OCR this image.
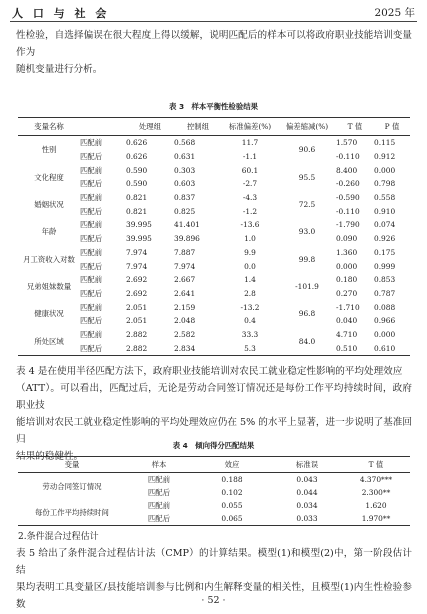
人 口 与 社 会	2025 年

性检验，自选择偏误在很大程度上得以缓解，说明匹配后的样本可以将政府职业技能培训变量作为
随机变量进行分析。

表 3　样本平衡性检验结果
变量名称		处理组	控制组	标准偏差(%)	偏差缩减(%)	T 值	P 值
性别	匹配前	0.626	0.568	11.7	90.6	1.570	0.115
	匹配后	0.626	0.631	-1.1		-0.110	0.912
文化程度	匹配前	0.590	0.303	60.1	95.5	8.400	0.000
	匹配后	0.590	0.603	-2.7		-0.260	0.798
婚姻状况	匹配前	0.821	0.837	-4.3	72.5	-0.590	0.558
	匹配后	0.821	0.825	-1.2		-0.110	0.910
年龄	匹配前	39.995	41.401	-13.6	93.0	-1.790	0.074
	匹配后	39.995	39.896	1.0		0.090	0.926
月工资收入对数	匹配前	7.974	7.887	9.9	99.8	1.360	0.175
	匹配后	7.974	7.974	0.0		0.000	0.999
兄弟姐妹数量	匹配前	2.692	2.667	1.4	-101.9	0.180	0.853
	匹配后	2.692	2.641	2.8		0.270	0.787
健康状况	匹配前	2.051	2.159	-13.2	96.8	-1.710	0.088
	匹配后	2.051	2.048	0.4		0.040	0.966
所处区域	匹配前	2.882	2.582	33.3	84.0	4.710	0.000
	匹配后	2.882	2.834	5.3		0.510	0.610

表 4 是在使用半径匹配方法下，政府职业技能培训对农民工就业稳定性影响的平均处理效应
（ATT）。可以看出，匹配过后，无论是劳动合同签订情况还是每份工作平均持续时间，政府职业技
能培训对农民工就业稳定性影响的平均处理效应仍在 5% 的水平上显著，进一步说明了基准回归
结果的稳健性。

表 4　倾向得分匹配结果
变量	样本	效应	标准误	T 值
劳动合同签订情况	匹配前	0.188	0.043	4.370***
	匹配后	0.102	0.044	2.300**
每份工作平均持续时间	匹配前	0.055	0.034	1.620
	匹配后	0.065	0.033	1.970**
2.条件混合过程估计

表 5 给出了条件混合过程估计法（CMP）的计算结果。模型(1)和模型(2)中，第一阶段估计结
果均表明工具变量区/县技能培训参与比例和内生解释变量的相关性，且模型(1)内生性检验参数	· 52 ·
